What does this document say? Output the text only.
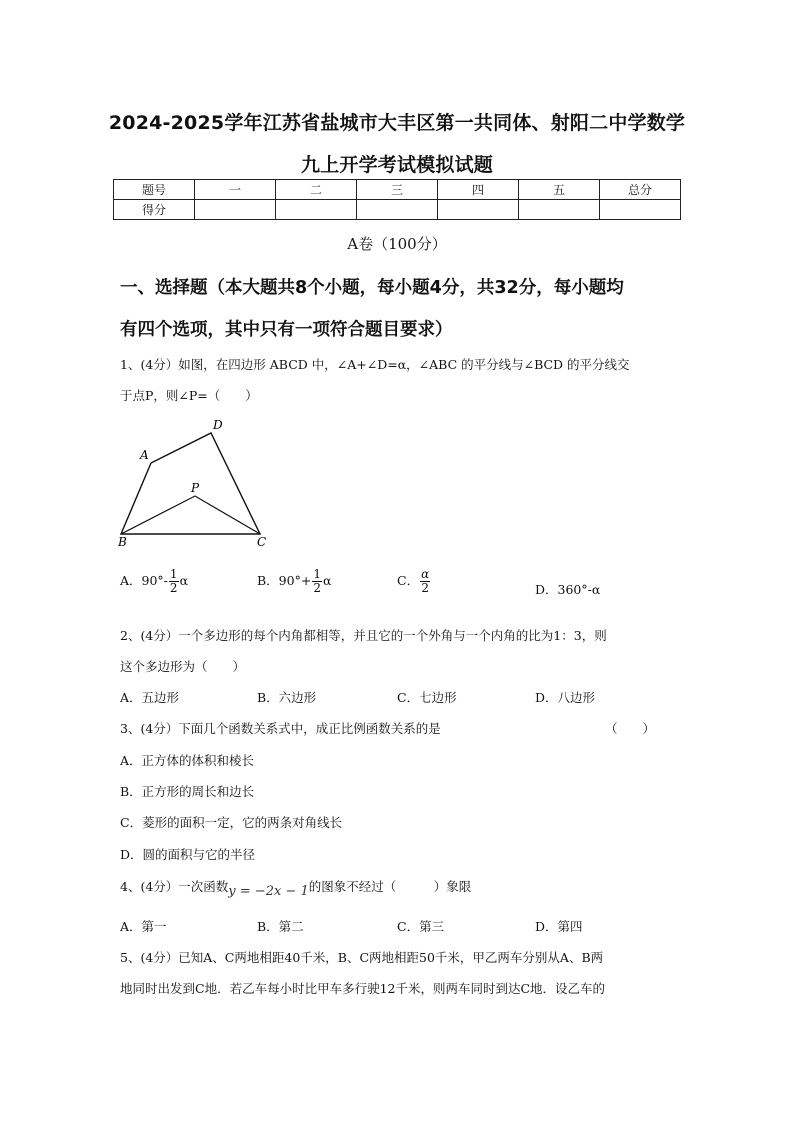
2024-2025学年江苏省盐城市大丰区第一共同体、射阳二中学数学
九上开学考试模拟试题
题号	一	二	三	四	五	总分
得分						
A卷（100分）
一、选择题（本大题共8个小题，每小题4分，共32分，每小题均
有四个选项，其中只有一项符合题目要求）
1、(4分）如图，在四边形 ABCD 中，∠A+∠D=α，∠ABC 的平分线与∠BCD 的平分线交
于点P，则∠P=（　　）
A
D
P
B	C
A．$90^\circ- \frac{1}{2}$ α	B．$90^\circ+ \frac{1}{2}$ α	C． $\frac{\alpha}{2}$	D．360°-α
2、(4分）一个多边形的每个内角都相等，并且它的一个外角与一个内角的比为1：3，则
这个多边形为（　　）
A．五边形	B．六边形	C．七边形	D．八边形
3、(4分）下面几个函数关系式中，成正比例函数关系的是	（　　）
A．正方体的体积和棱长
B．正方形的周长和边长
C．菱形的面积一定，它的两条对角线长
D．圆的面积与它的半径
4、(4分）一次函数y = −2x − 1的图象不经过（　　　）象限
A．第一	B．第二	C．第三	D．第四
5、(4分）已知A、C两地相距40千米，B、C两地相距50千米，甲乙两车分别从A、B两
地同时出发到C地．若乙车每小时比甲车多行驶12千米，则两车同时到达C地．设乙车的
